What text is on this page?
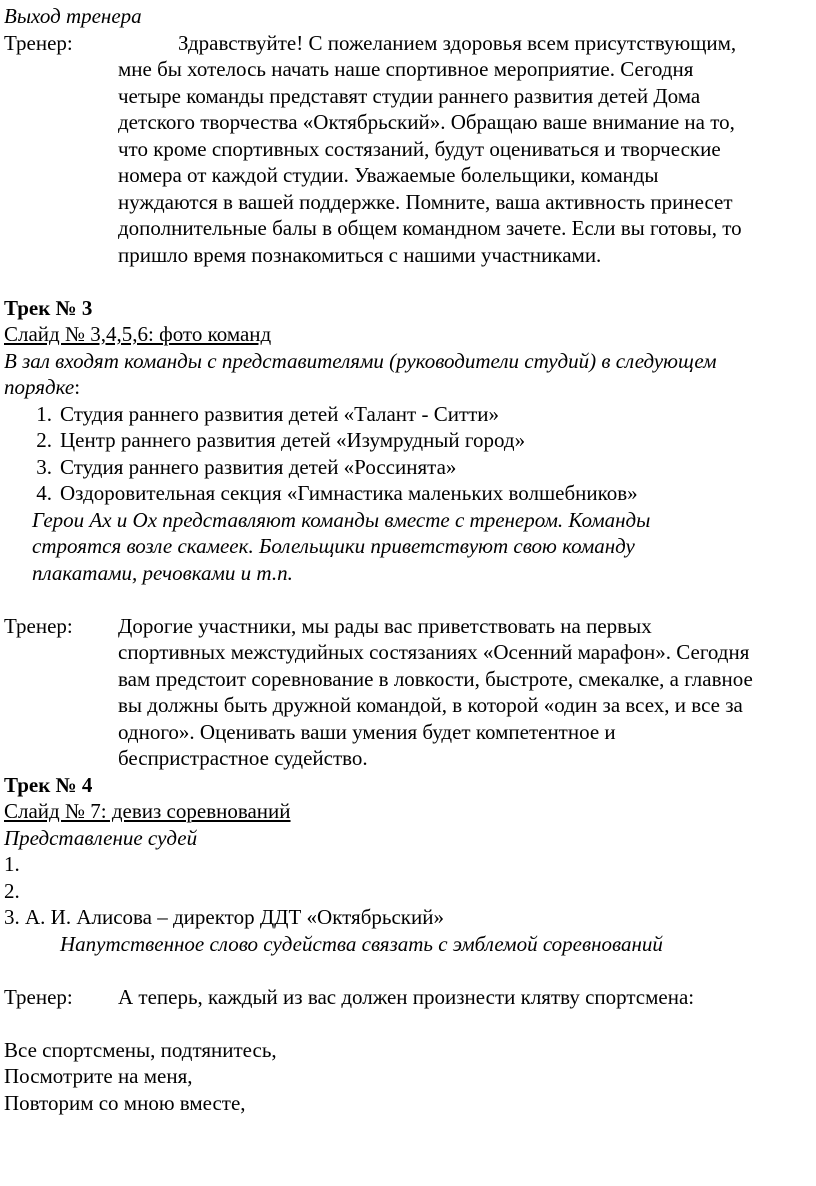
Выход тренера
Тренер:	Здравствуйте! С пожеланием здоровья всем присутствующим,
мне бы хотелось начать наше спортивное мероприятие. Сегодня
четыре команды представят студии раннего развития детей Дома
детского творчества «Октябрьский». Обращаю ваше внимание на то,
что кроме спортивных состязаний, будут оцениваться и творческие
номера от каждой студии. Уважаемые болельщики, команды
нуждаются в вашей поддержке. Помните, ваша активность принесет
дополнительные балы в общем командном зачете. Если вы готовы, то
пришло время познакомиться с нашими участниками.
Трек № 3
Слайд № 3,4,5,6: фото команд
В зал входят команды с представителями (руководители студий) в следующем
порядке:
1. Студия раннего развития детей «Талант - Ситти»
2. Центр раннего развития детей «Изумрудный город»
3. Студия раннего развития детей «Россинята»
4. Оздоровительная секция «Гимнастика маленьких волшебников»
Герои Ах и Ох представляют команды вместе с тренером. Команды
строятся возле скамеек. Болельщики приветствуют свою команду
плакатами, речовками и т.п.
Тренер:	Дорогие участники, мы рады вас приветствовать на первых
спортивных межстудийных состязаниях «Осенний марафон». Сегодня
вам предстоит соревнование в ловкости, быстроте, смекалке, а главное
вы должны быть дружной командой, в которой «один за всех, и все за
одного». Оценивать ваши умения будет компетентное и
беспристрастное судейство.
Трек № 4
Слайд № 7: девиз соревнований
Представление судей
1.
2.
3. А. И. Алисова – директор ДДТ «Октябрьский»
Напутственное слово судейства связать с эмблемой соревнований
Тренер:	А теперь, каждый из вас должен произнести клятву спортсмена:
Все спортсмены, подтянитесь,
Посмотрите на меня,
Повторим со мною вместе,
